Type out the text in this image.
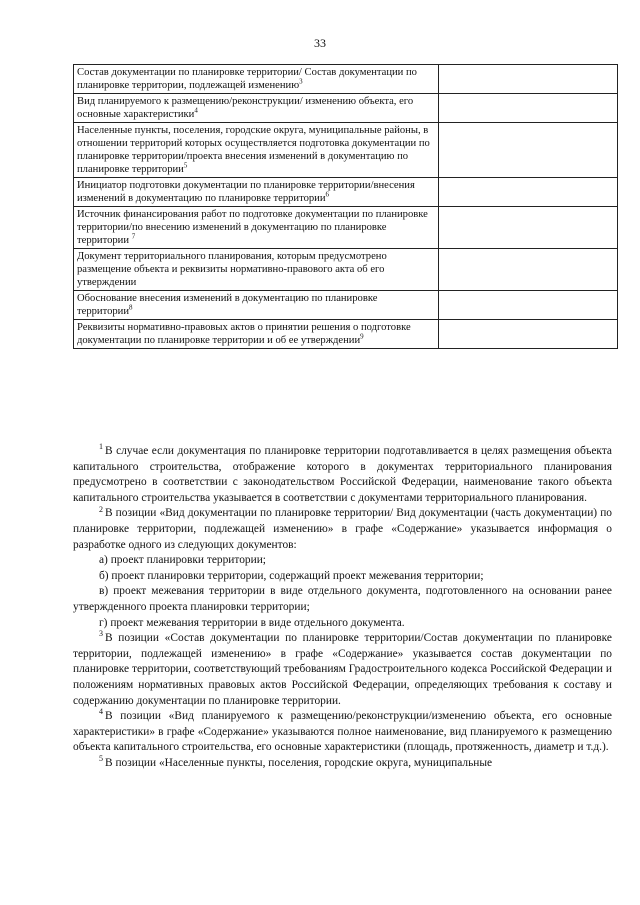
33
Состав документации по планировке территории/ Состав документации по планировке территории, подлежащей изменению$^3$	
Вид планируемого к размещению/реконструкции/ изменению объекта, его основные характеристики$^4$	
Населенные пункты, поселения, городские округа, муниципальные районы, в отношении территорий которых осуществляется подготовка документации по планировке территории/проекта внесения изменений в документацию по планировке территории$^5$	
Инициатор подготовки документации по планировке территории/внесения изменений в документацию по планировке территории$^6$	
Источник финансирования работ по подготовке документации по планировке территории/по внесению изменений в документацию по планировке территории $^7$	
Документ территориального планирования, которым предусмотрено размещение объекта и реквизиты нормативно-правового акта об его утверждении	
Обоснование внесения изменений в документацию по планировке территории$^8$	
Реквизиты нормативно-правовых актов о принятии решения о подготовке документации по планировке территории и об ее утверждении$^9$	

$^1$ В случае если документация по планировке территории подготавливается в целях размещения объекта капитального строительства, отображение которого в документах территориального планирования предусмотрено в соответствии с законодательством Российской Федерации, наименование такого объекта капитального строительства указывается в соответствии с документами территориального планирования.

$^2$ В позиции «Вид документации по планировке территории/ Вид документации (часть документации) по планировке территории, подлежащей изменению» в графе «Содержание» указывается информация о разработке одного из следующих документов:

а) проект планировки территории;

б) проект планировки территории, содержащий проект межевания территории;

в) проект межевания территории в виде отдельного документа, подготовленного на основании ранее утвержденного проекта планировки территории;

г) проект межевания территории в виде отдельного документа.

$^3$ В позиции «Состав документации по планировке территории/Состав документации по планировке территории, подлежащей изменению» в графе «Содержание» указывается состав документации по планировке территории, соответствующий требованиям Градостроительного кодекса Российской Федерации и положениям нормативных правовых актов Российской Федерации, определяющих требования к составу и содержанию документации по планировке территории.

$^4$ В позиции «Вид планируемого к размещению/реконструкции/изменению объекта, его основные характеристики» в графе «Содержание» указываются полное наименование, вид планируемого к размещению объекта капитального строительства, его основные характеристики (площадь, протяженность, диаметр и т.д.).

$^5$ В позиции «Населенные пункты, поселения, городские округа, муниципальные
